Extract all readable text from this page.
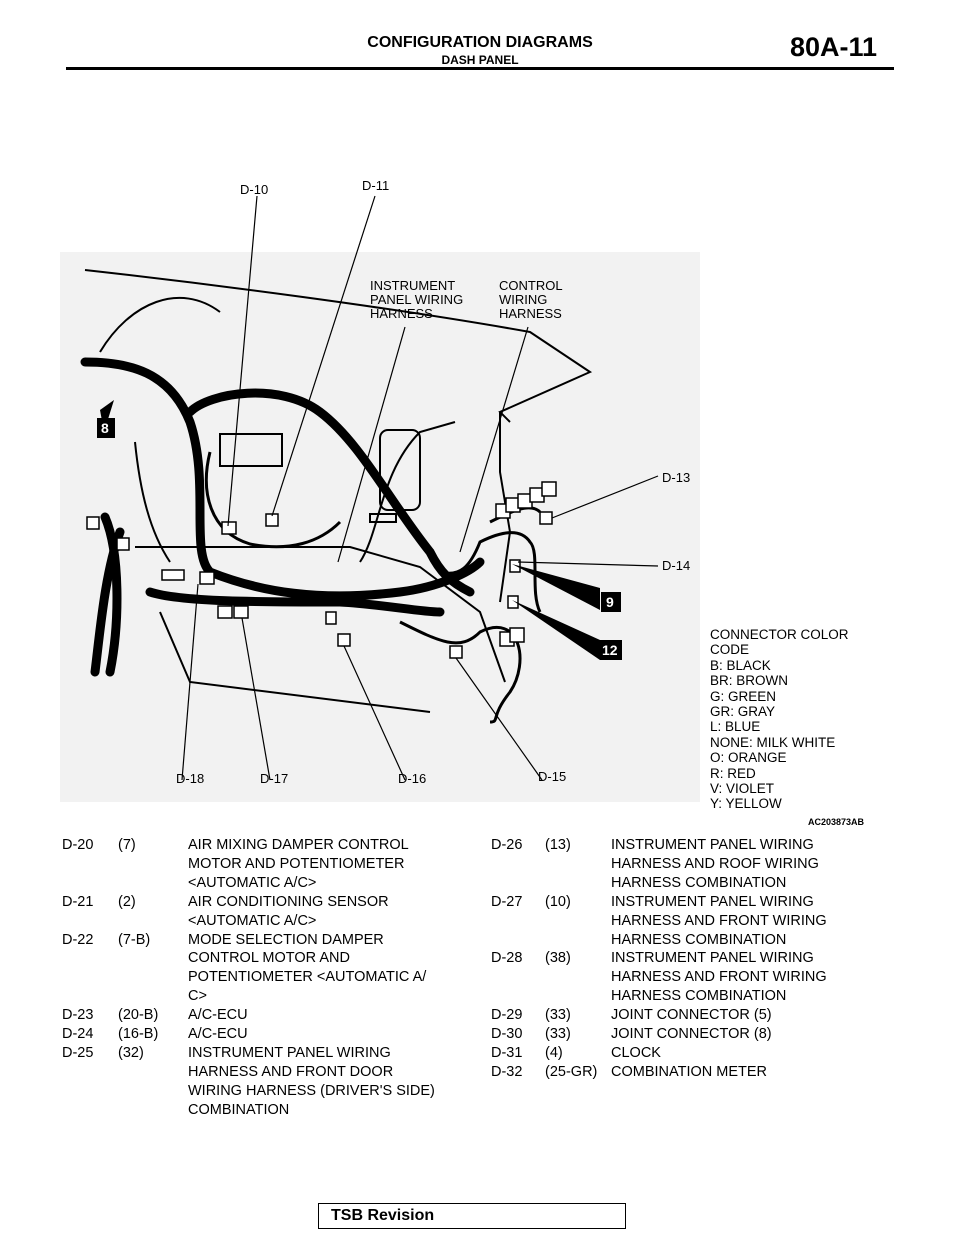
CONFIGURATION DIAGRAMS
DASH PANEL	80A-11
D-10	D-11
D-13
D-14
D-15
D-16
D-17
D-18
INSTRUMENT
PANEL WIRING
HARNESS
CONTROL
WIRING
HARNESS
8
9
12
CONNECTOR COLOR
CODE
B: BLACK
BR: BROWN
G: GREEN
GR: GRAY
L: BLUE
NONE: MILK WHITE
O: ORANGE
R: RED
V: VIOLET
Y: YELLOW
AC203873AB
D-20	(7)	AIR MIXING DAMPER CONTROL
MOTOR AND POTENTIOMETER
<AUTOMATIC A/C>
D-21	(2)	AIR CONDITIONING SENSOR
<AUTOMATIC A/C>
D-22	(7-B)	MODE SELECTION DAMPER
CONTROL MOTOR AND
POTENTIOMETER <AUTOMATIC A/
C>
D-23	(20-B)	A/C-ECU
D-24	(16-B)	A/C-ECU
D-25	(32)	INSTRUMENT PANEL WIRING
HARNESS AND FRONT DOOR
WIRING HARNESS (DRIVER'S SIDE)
COMBINATION
D-26	(13)	INSTRUMENT PANEL WIRING
HARNESS AND ROOF WIRING
HARNESS COMBINATION
D-27	(10)	INSTRUMENT PANEL WIRING
HARNESS AND FRONT WIRING
HARNESS COMBINATION
D-28	(38)	INSTRUMENT PANEL WIRING
HARNESS AND FRONT WIRING
HARNESS COMBINATION
D-29	(33)	JOINT CONNECTOR (5)
D-30	(33)	JOINT CONNECTOR (8)
D-31	(4)	CLOCK
D-32	(25-GR) COMBINATION METER
TSB Revision
